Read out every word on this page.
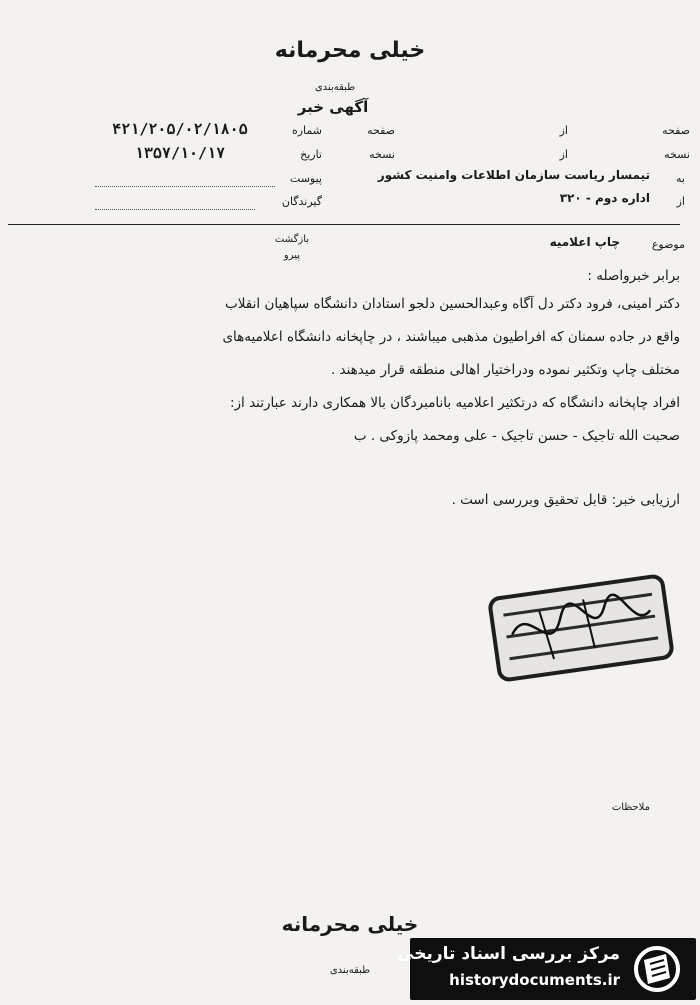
خیلی محرمانه
طبقه‌بندی
آگهی خبر
صفحه
از
صفحه
شماره
۴۲۱/۲۰۵/۰۲/۱۸۰۵
نسخه
از
نسخه
تاریخ
۱۳۵۷/۱۰/۱۷
به
تیمسار ریاست سازمان اطلاعات وامنیت کشور
پیوست
از
اداره دوم - ۳۲۰
گیرندگان
موضوع
چاپ اعلامیه
بازگشت
پیرو
برابر خبرواصله :
دکتر امینی، فرود دکتر دل آگاه وعبدالحسین دلجو استادان دانشگاه سپاهیان انقلاب
واقع در جاده سمنان که افراطیون مذهبی میباشند ، در چاپخانه دانشگاه اعلامیه‌های
مختلف چاپ وتکثیر نموده ودراختیار اهالی منطقه قرار میدهند .
افراد چاپخانه دانشگاه که درتکثیر اعلامیه بانامبردگان بالا همکاری دارند عبارتند از:
صحبت الله تاجیک - حسن تاجیک - علی ومحمد پازوکی . ب
ارزیابی خبر: قابل تحقیق وبررسی است .
ملاحظات
خیلی محرمانه
طبقه‌بندی
مرکز بررسی اسناد تاریخی
historydocuments.ir
